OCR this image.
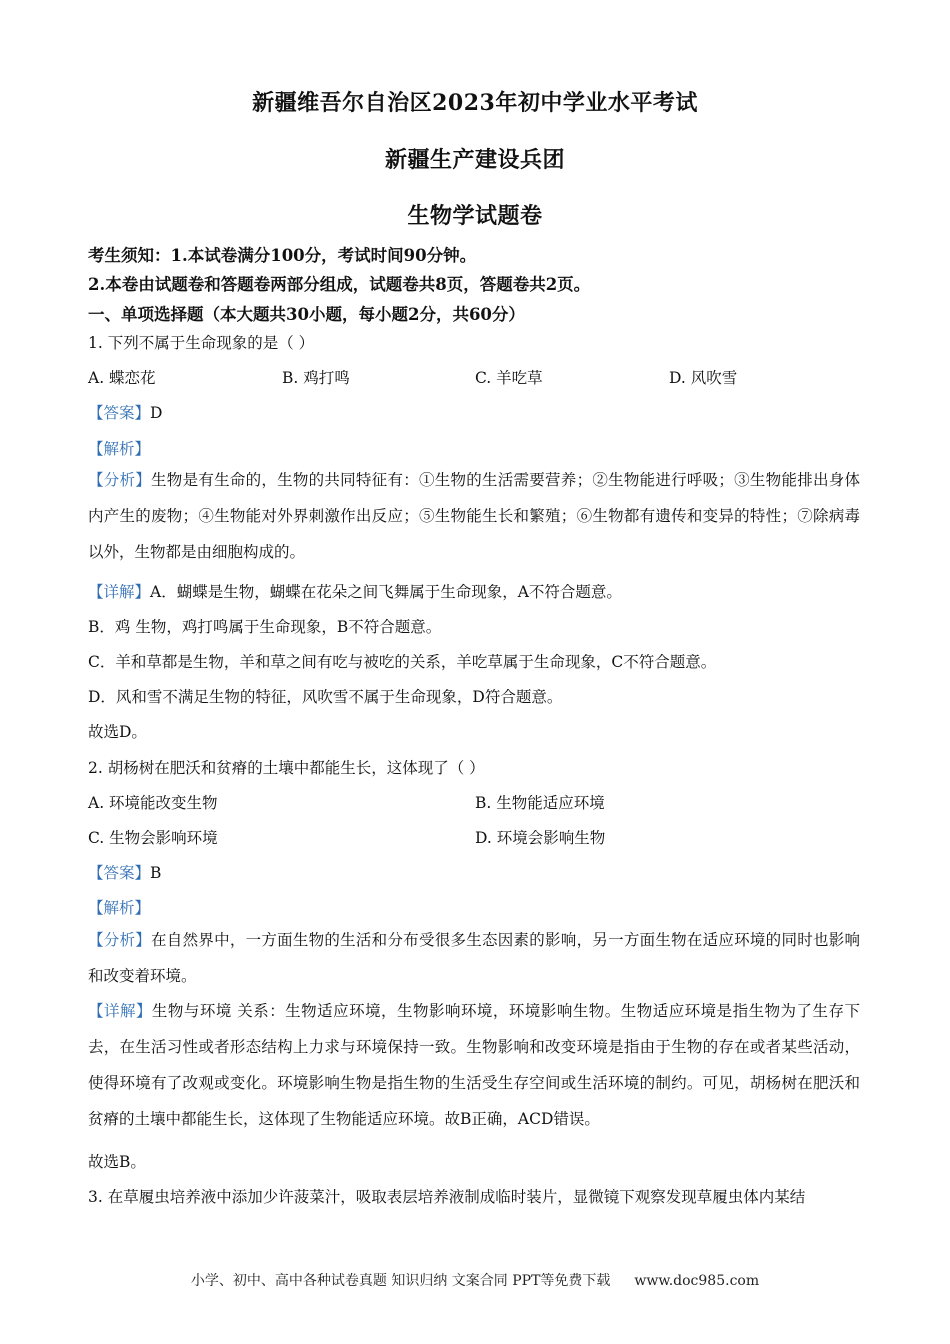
新疆维吾尔自治区2023年初中学业水平考试
新疆生产建设兵团
生物学试题卷
考生须知：1.本试卷满分100分，考试时间90分钟。
2.本卷由试题卷和答题卷两部分组成，试题卷共8页，答题卷共2页。
一、单项选择题（本大题共30小题，每小题2分，共60分）
1. 下列不属于生命现象的是（ ）
A. 蝶恋花	B. 鸡打鸣	C. 羊吃草	D. 风吹雪
【答案】D
【解析】
【分析】生物是有生命的，生物的共同特征有：①生物的生活需要营养；②生物能进行呼吸；③生物能排出身体内产生的废物；④生物能对外界刺激作出反应；⑤生物能生长和繁殖；⑥生物都有遗传和变异的特性；⑦除病毒以外，生物都是由细胞构成的。
【详解】A．蝴蝶是生物，蝴蝶在花朵之间飞舞属于生命现象，A不符合题意。
B．鸡 生物，鸡打鸣属于生命现象，B不符合题意。
C．羊和草都是生物，羊和草之间有吃与被吃的关系，羊吃草属于生命现象，C不符合题意。
D．风和雪不满足生物的特征，风吹雪不属于生命现象，D符合题意。
故选D。
2. 胡杨树在肥沃和贫瘠的土壤中都能生长，这体现了（ ）
A. 环境能改变生物	B. 生物能适应环境
C. 生物会影响环境	D. 环境会影响生物
【答案】B
【解析】
【分析】在自然界中，一方面生物的生活和分布受很多生态因素的影响，另一方面生物在适应环境的同时也影响和改变着环境。
【详解】生物与环境 关系：生物适应环境，生物影响环境，环境影响生物。生物适应环境是指生物为了生存下去，在生活习性或者形态结构上力求与环境保持一致。生物影响和改变环境是指由于生物的存在或者某些活动，使得环境有了改观或变化。环境影响生物是指生物的生活受生存空间或生活环境的制约。可见，胡杨树在肥沃和贫瘠的土壤中都能生长，这体现了生物能适应环境。故B正确，ACD错误。
故选B。
3. 在草履虫培养液中添加少许菠菜汁，吸取表层培养液制成临时装片，显微镜下观察发现草履虫体内某结
小学、初中、高中各种试卷真题 知识归纳 文案合同 PPT等免费下载 www.doc985.com
